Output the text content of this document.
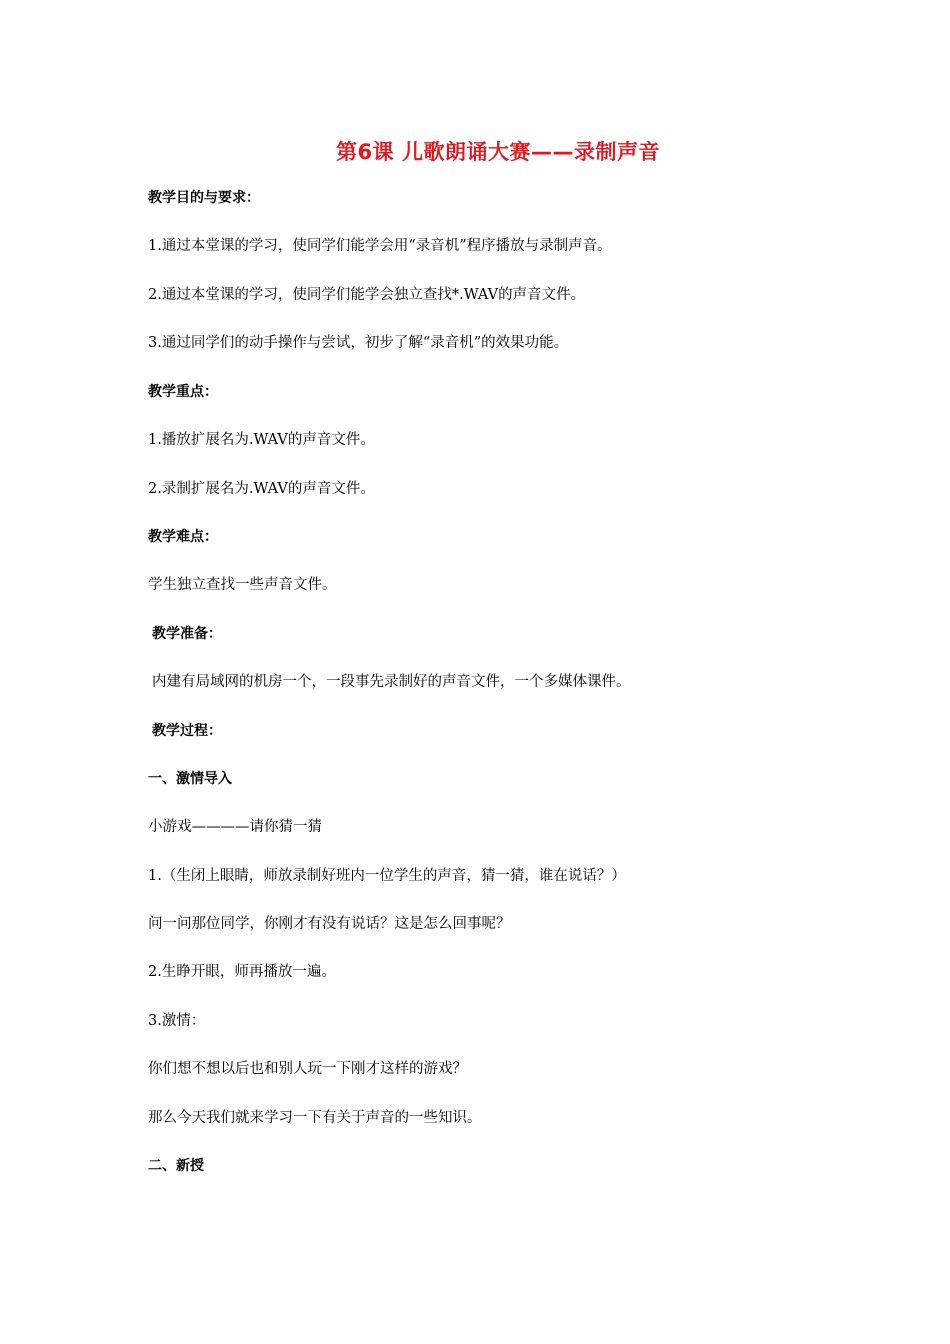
第6课 儿歌朗诵大赛——录制声音
教学目的与要求：
1.通过本堂课的学习，使同学们能学会用“录音机”程序播放与录制声音。
2.通过本堂课的学习，使同学们能学会独立查找*.WAV的声音文件。
3.通过同学们的动手操作与尝试，初步了解“录音机”的效果功能。
教学重点：
1.播放扩展名为.WAV的声音文件。
2.录制扩展名为.WAV的声音文件。
教学难点：
学生独立查找一些声音文件。
教学准备：
内建有局域网的机房一个，一段事先录制好的声音文件，一个多媒体课件。
教学过程：
一、激情导入
小游戏————请你猜一猜
1.（生闭上眼睛，师放录制好班内一位学生的声音，猜一猜，谁在说话？）
问一问那位同学，你刚才有没有说话？这是怎么回事呢？
2.生睁开眼，师再播放一遍。
3.激情：
你们想不想以后也和别人玩一下刚才这样的游戏？
那么今天我们就来学习一下有关于声音的一些知识。
二、新授
